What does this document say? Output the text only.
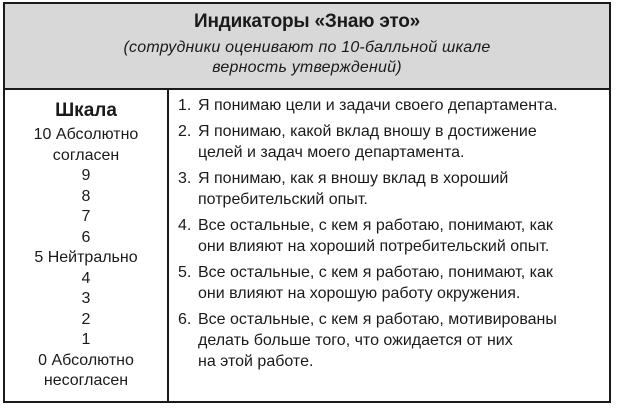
Индикаторы «Знаю это»
(сотрудники оценивают по 10-балльной шкале
верность утверждений)
Шкала
10 Абсолютно
согласен
9
8
7
6
5 Нейтрально
4
3
2
1
0 Абсолютно
несогласен
1. Я понимаю цели и задачи своего департамента.
2. Я понимаю, какой вклад вношу в достижение
целей и задач моего департамента.
3. Я понимаю, как я вношу вклад в хороший
потребительский опыт.
4. Все остальные, с кем я работаю, понимают, как
они влияют на хороший потребительский опыт.
5. Все остальные, с кем я работаю, понимают, как
они влияют на хорошую работу окружения.
6. Все остальные, с кем я работаю, мотивированы
делать больше того, что ожидается от них
на этой работе.
